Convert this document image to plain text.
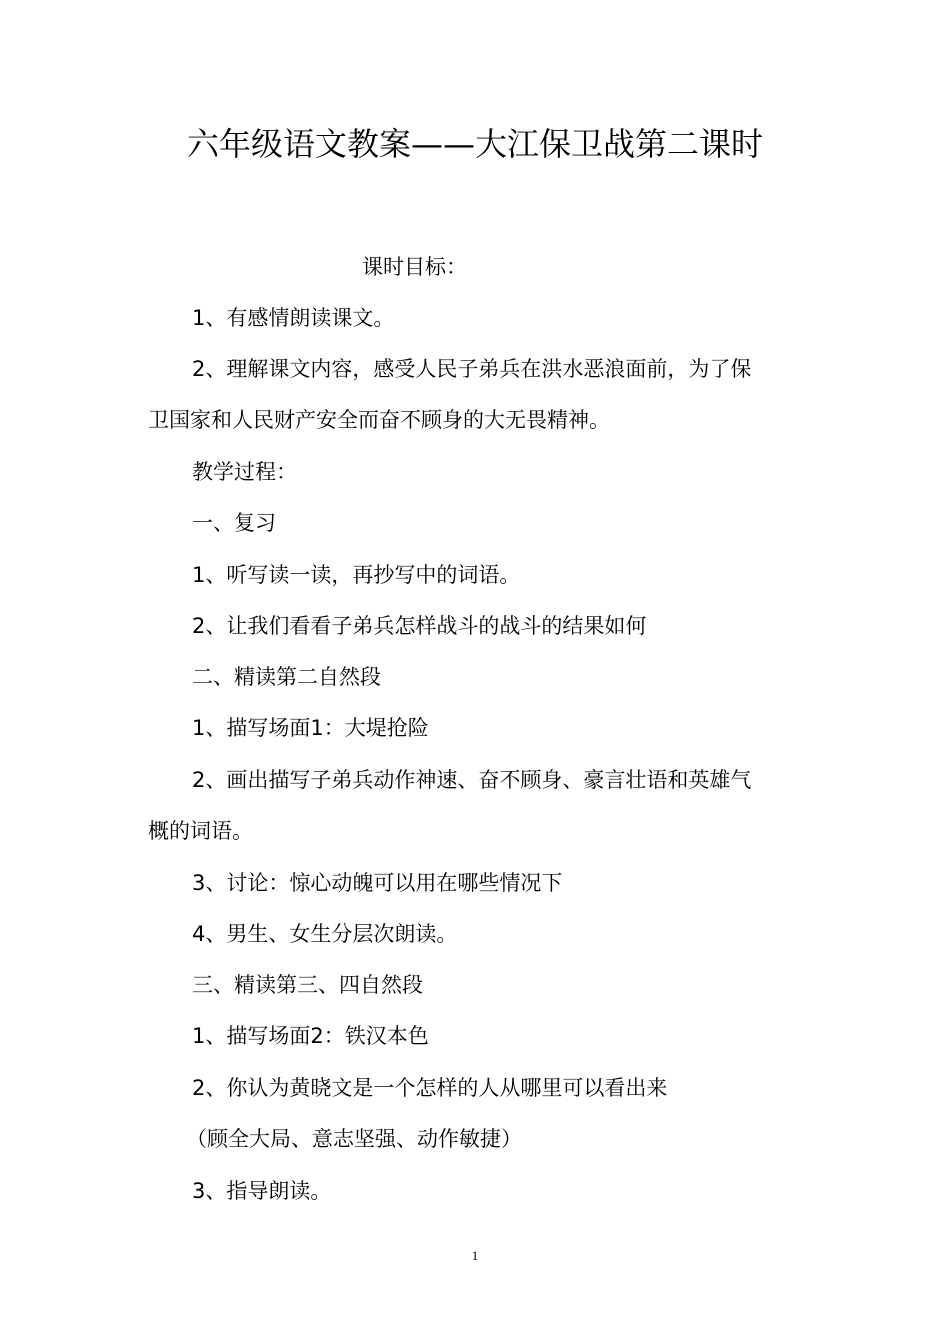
六年级语文教案——大江保卫战第二课时
课时目标：
1、有感情朗读课文。
2、理解课文内容，感受人民子弟兵在洪水恶浪面前，为了保
卫国家和人民财产安全而奋不顾身的大无畏精神。
教学过程：
一、复习
1、听写读一读，再抄写中的词语。
2、让我们看看子弟兵怎样战斗的战斗的结果如何
二、精读第二自然段
1、描写场面1：大堤抢险
2、画出描写子弟兵动作神速、奋不顾身、豪言壮语和英雄气
概的词语。
3、讨论：惊心动魄可以用在哪些情况下
4、男生、女生分层次朗读。
三、精读第三、四自然段
1、描写场面2：铁汉本色
2、你认为黄晓文是一个怎样的人从哪里可以看出来
（顾全大局、意志坚强、动作敏捷）
3、指导朗读。
1
